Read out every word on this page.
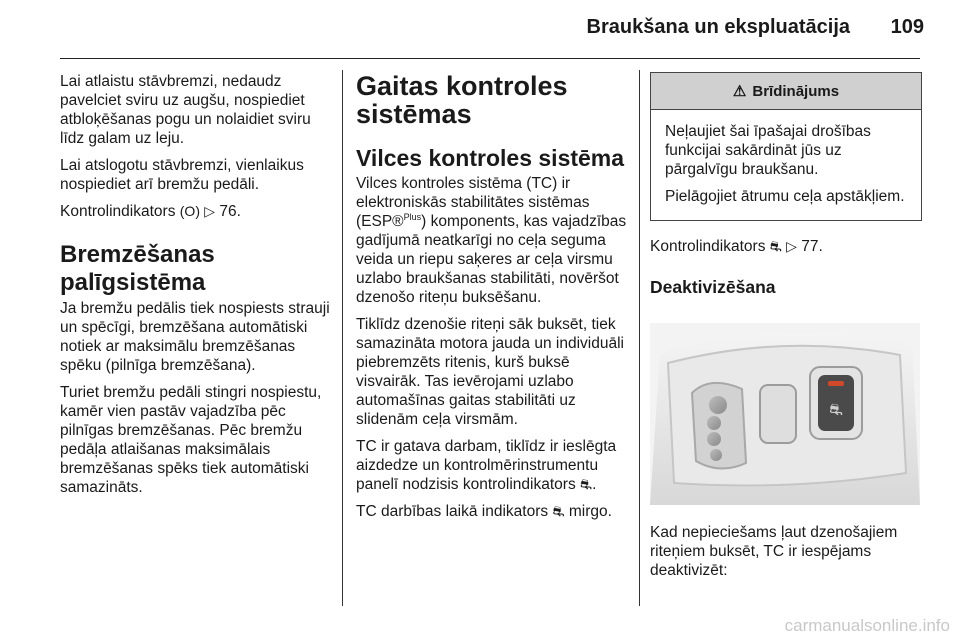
Braukšana un ekspluatācija 109

Lai atlaistu stāvbremzi, nedaudz pavelciet sviru uz augšu, nospiediet atbloķēšanas pogu un nolaidiet sviru līdz galam uz leju.

Lai atslogotu stāvbremzi, vienlaikus nospiediet arī bremžu pedāli.

Kontrolindikators (O) ▷ 76.

Bremzēšanas palīgsistēma

Ja bremžu pedālis tiek nospiests strauji un spēcīgi, bremzēšana automātiski notiek ar maksimālu bremzēšanas spēku (pilnīga bremzēšana).

Turiet bremžu pedāli stingri nospiestu, kamēr vien pastāv vajadzība pēc pilnīgas bremzēšanas. Pēc bremžu pedāļa atlaišanas maksimālais bremzēšanas spēks tiek automātiski samazināts.

Gaitas kontroles sistēmas
Vilces kontroles sistēma

Vilces kontroles sistēma (TC) ir elektroniskās stabilitātes sistēmas (ESP®$^{Plus}$) komponents, kas vajadzības gadījumā neatkarīgi no ceļa seguma veida un riepu saķeres ar ceļa virsmu uzlabo braukšanas stabilitāti, novēršot dzenošo riteņu buksēšanu.

Tiklīdz dzenošie riteņi sāk buksēt, tiek samazināta motora jauda un individuāli piebremzēts ritenis, kurš buksē visvairāk. Tas ievērojami uzlabo automašīnas gaitas stabilitāti uz slidenām ceļa virsmām.

TC ir gatava darbam, tiklīdz ir ieslēgta aizdedze un kontrolmērinstrumentu panelī nodzisis kontrolindikators ⛐.

TC darbības laikā indikators ⛐ mirgo.

⚠ Brīdinājums

Neļaujiet šai īpašajai drošības funkcijai sakārdināt jūs uz pārgalvīgu braukšanu.

Pielāgojiet ātrumu ceļa apstākļiem.

Kontrolindikators ⛐ ▷ 77.

Deaktivizēšana
⛐

Kad nepieciešams ļaut dzenošajiem riteņiem buksēt, TC ir iespējams deaktivizēt:

carmanualsonline.info
